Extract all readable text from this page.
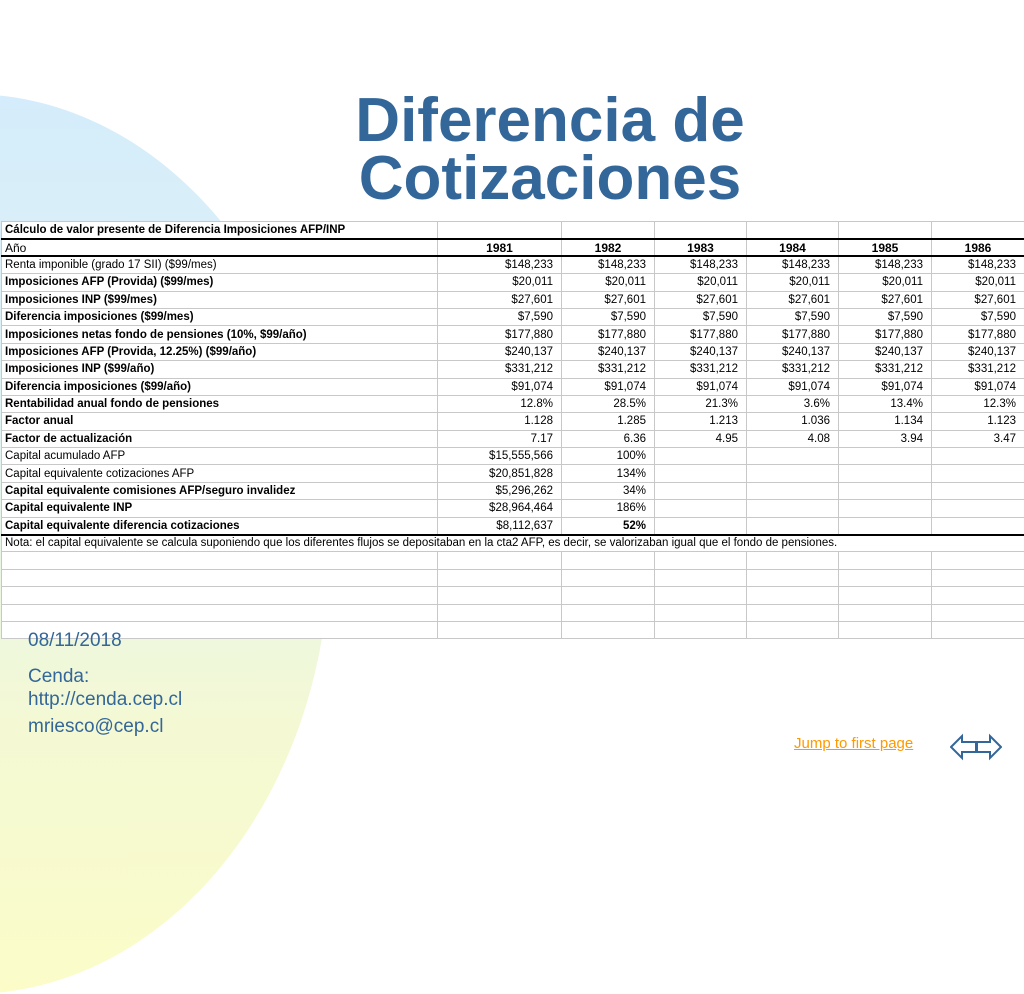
Diferencia de
Cotizaciones
Cálculo de valor presente de Diferencia Imposiciones AFP/INP						
Año	1981	1982	1983	1984	1985	1986
Renta imponible (grado 17 SII) ($99/mes)	$148,233	$148,233	$148,233	$148,233	$148,233	$148,233
Imposiciones AFP (Provida) ($99/mes)	$20,011	$20,011	$20,011	$20,011	$20,011	$20,011
Imposiciones INP ($99/mes)	$27,601	$27,601	$27,601	$27,601	$27,601	$27,601
Diferencia imposiciones ($99/mes)	$7,590	$7,590	$7,590	$7,590	$7,590	$7,590
Imposiciones netas fondo de pensiones (10%, $99/año)	$177,880	$177,880	$177,880	$177,880	$177,880	$177,880
Imposiciones AFP (Provida, 12.25%) ($99/año)	$240,137	$240,137	$240,137	$240,137	$240,137	$240,137
Imposiciones INP ($99/año)	$331,212	$331,212	$331,212	$331,212	$331,212	$331,212
Diferencia imposiciones ($99/año)	$91,074	$91,074	$91,074	$91,074	$91,074	$91,074
Rentabilidad anual fondo de pensiones	12.8%	28.5%	21.3%	3.6%	13.4%	12.3%
Factor anual	1.128	1.285	1.213	1.036	1.134	1.123
Factor de actualización	7.17	6.36	4.95	4.08	3.94	3.47
Capital acumulado AFP	$15,555,566	100%				
Capital equivalente cotizaciones AFP	$20,851,828	134%				
Capital equivalente comisiones AFP/seguro invalidez	$5,296,262	34%				
Capital equivalente INP	$28,964,464	186%				
Capital equivalente diferencia cotizaciones	$8,112,637	52%				
Nota: el capital equivalente se calcula suponiendo que los diferentes flujos se depositaban en la cta2 AFP, es decir, se valorizaban igual que el fondo de pensiones.						

08/11/2018
Cenda:
http://cenda.cep.cl
mriesco@cep.cl
Jump to first page
